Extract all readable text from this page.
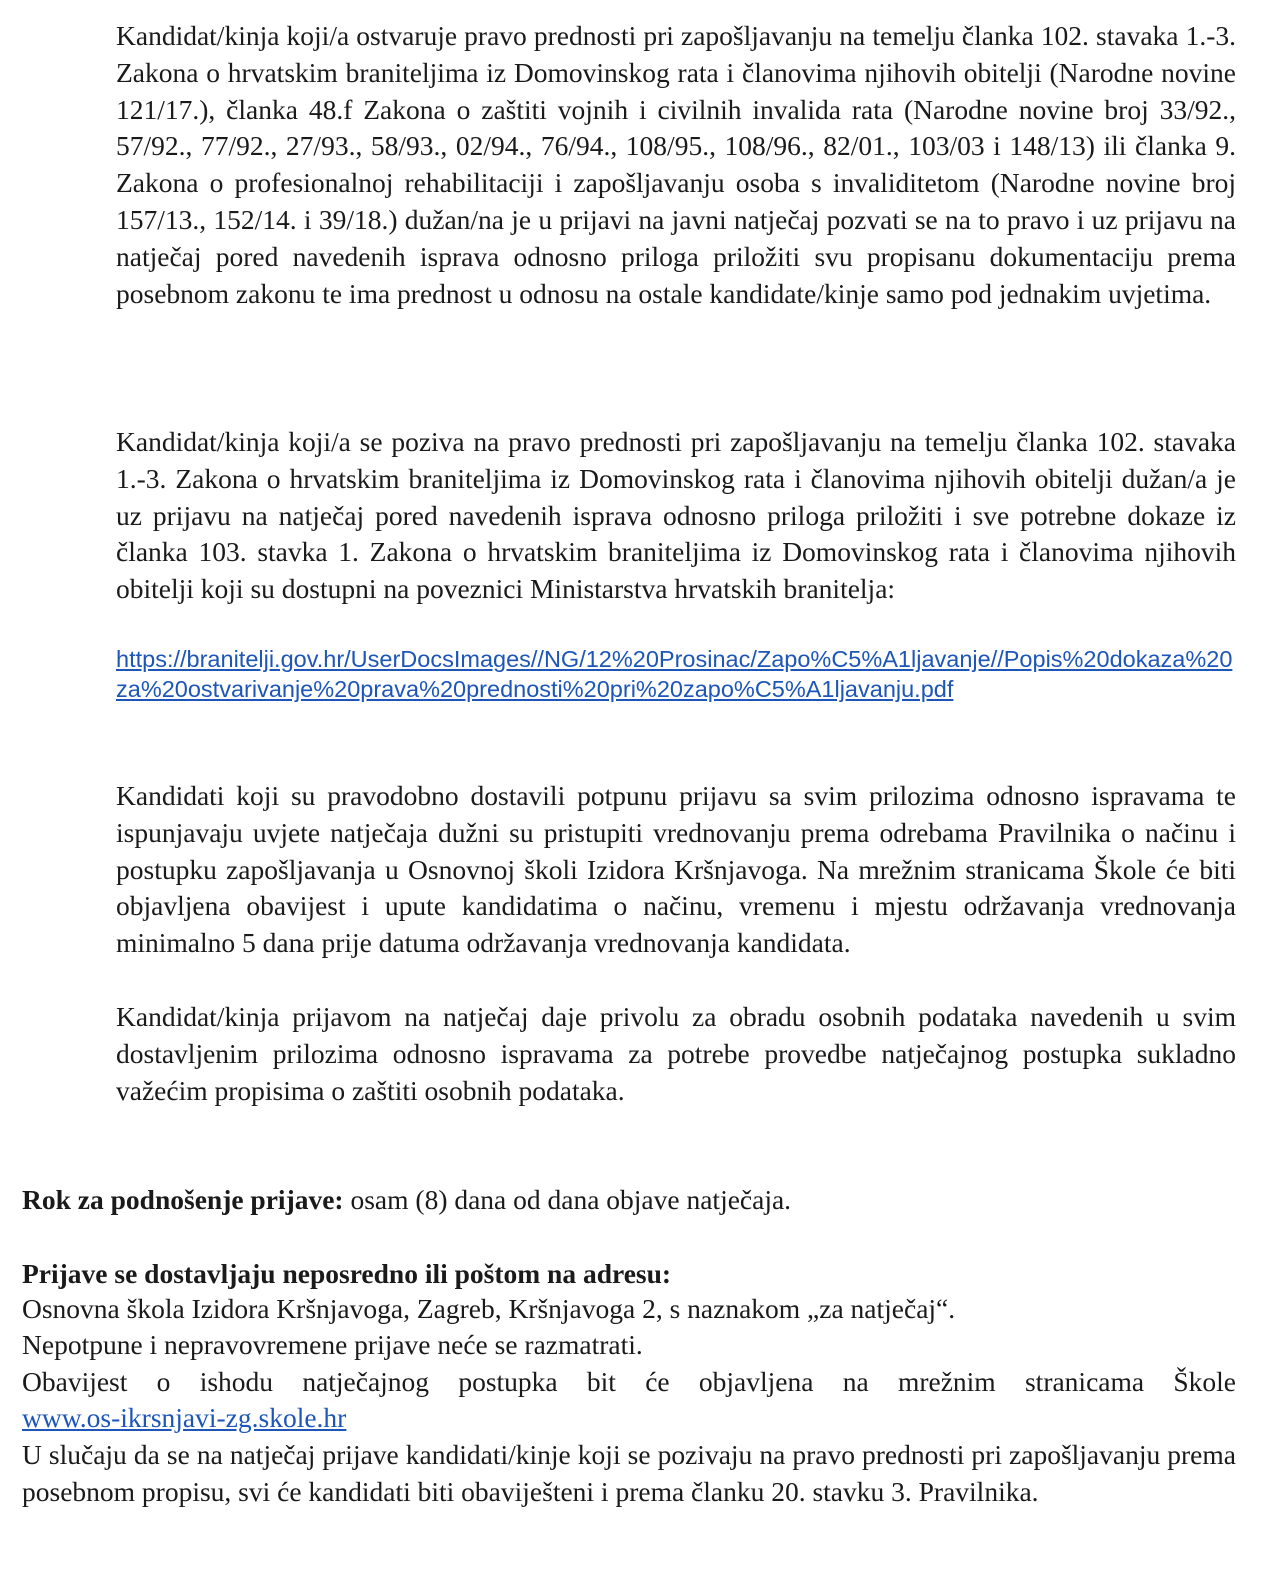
Kandidat/kinja koji/a ostvaruje pravo prednosti pri zapošljavanju na temelju članka 102. stavaka 1.-3. Zakona o hrvatskim braniteljima iz Domovinskog rata i članovima njihovih obitelji (Narodne novine 121/17.), članka 48.f Zakona o zaštiti vojnih i civilnih invalida rata (Narodne novine broj 33/92., 57/92., 77/92., 27/93., 58/93., 02/94., 76/94., 108/95., 108/96., 82/01., 103/03 i 148/13) ili članka 9. Zakona o profesionalnoj rehabilitaciji i zapošljavanju osoba s invaliditetom (Narodne novine broj 157/13., 152/14. i 39/18.) dužan/na je u prijavi na javni natječaj pozvati se na to pravo i uz prijavu na natječaj pored navedenih isprava odnosno priloga priložiti svu propisanu dokumentaciju prema posebnom zakonu te ima prednost u odnosu na ostale kandidate/kinje samo pod jednakim uvjetima.

Kandidat/kinja koji/a se poziva na pravo prednosti pri zapošljavanju na temelju članka 102. stavaka 1.-3. Zakona o hrvatskim braniteljima iz Domovinskog rata i članovima njihovih obitelji dužan/a je uz prijavu na natječaj pored navedenih isprava odnosno priloga priložiti i sve potrebne dokaze iz članka 103. stavka 1. Zakona o hrvatskim braniteljima iz Domovinskog rata i članovima njihovih obitelji koji su dostupni na poveznici Ministarstva hrvatskih branitelja:

https://branitelji.gov.hr/UserDocsImages//NG/12%20Prosinac/Zapo%C5%A1ljavanje//Popis%20dokaza%20za%20ostvarivanje%20prava%20prednosti%20pri%20zapo%C5%A1ljavanju.pdf

Kandidati koji su pravodobno dostavili potpunu prijavu sa svim prilozima odnosno ispravama te ispunjavaju uvjete natječaja dužni su pristupiti vrednovanju prema odrebama Pravilnika o načinu i postupku zapošljavanja u Osnovnoj školi Izidora Kršnjavoga. Na mrežnim stranicama Škole će biti objavljena obavijest i upute kandidatima o načinu, vremenu i mjestu održavanja vrednovanja minimalno 5 dana prije datuma održavanja vrednovanja kandidata.

Kandidat/kinja prijavom na natječaj daje privolu za obradu osobnih podataka navedenih u svim dostavljenim prilozima odnosno ispravama za potrebe provedbe natječajnog postupka sukladno važećim propisima o zaštiti osobnih podataka.

Rok za podnošenje prijave: osam (8) dana od dana objave natječaja.
Prijave se dostavljaju neposredno ili poštom na adresu:
Osnovna škola Izidora Kršnjavoga, Zagreb, Kršnjavoga 2, s naznakom „za natječaj“.
Nepotpune i nepravovremene prijave neće se razmatrati.
Obavijest o ishodu natječajnog postupka bit će objavljena na mrežnim stranicama Škole
www.os-ikrsnjavi-zg.skole.hr
U slučaju da se na natječaj prijave kandidati/kinje koji se pozivaju na pravo prednosti pri zapošljavanju prema posebnom propisu, svi će kandidati biti obaviješteni i prema članku 20. stavku 3. Pravilnika.
